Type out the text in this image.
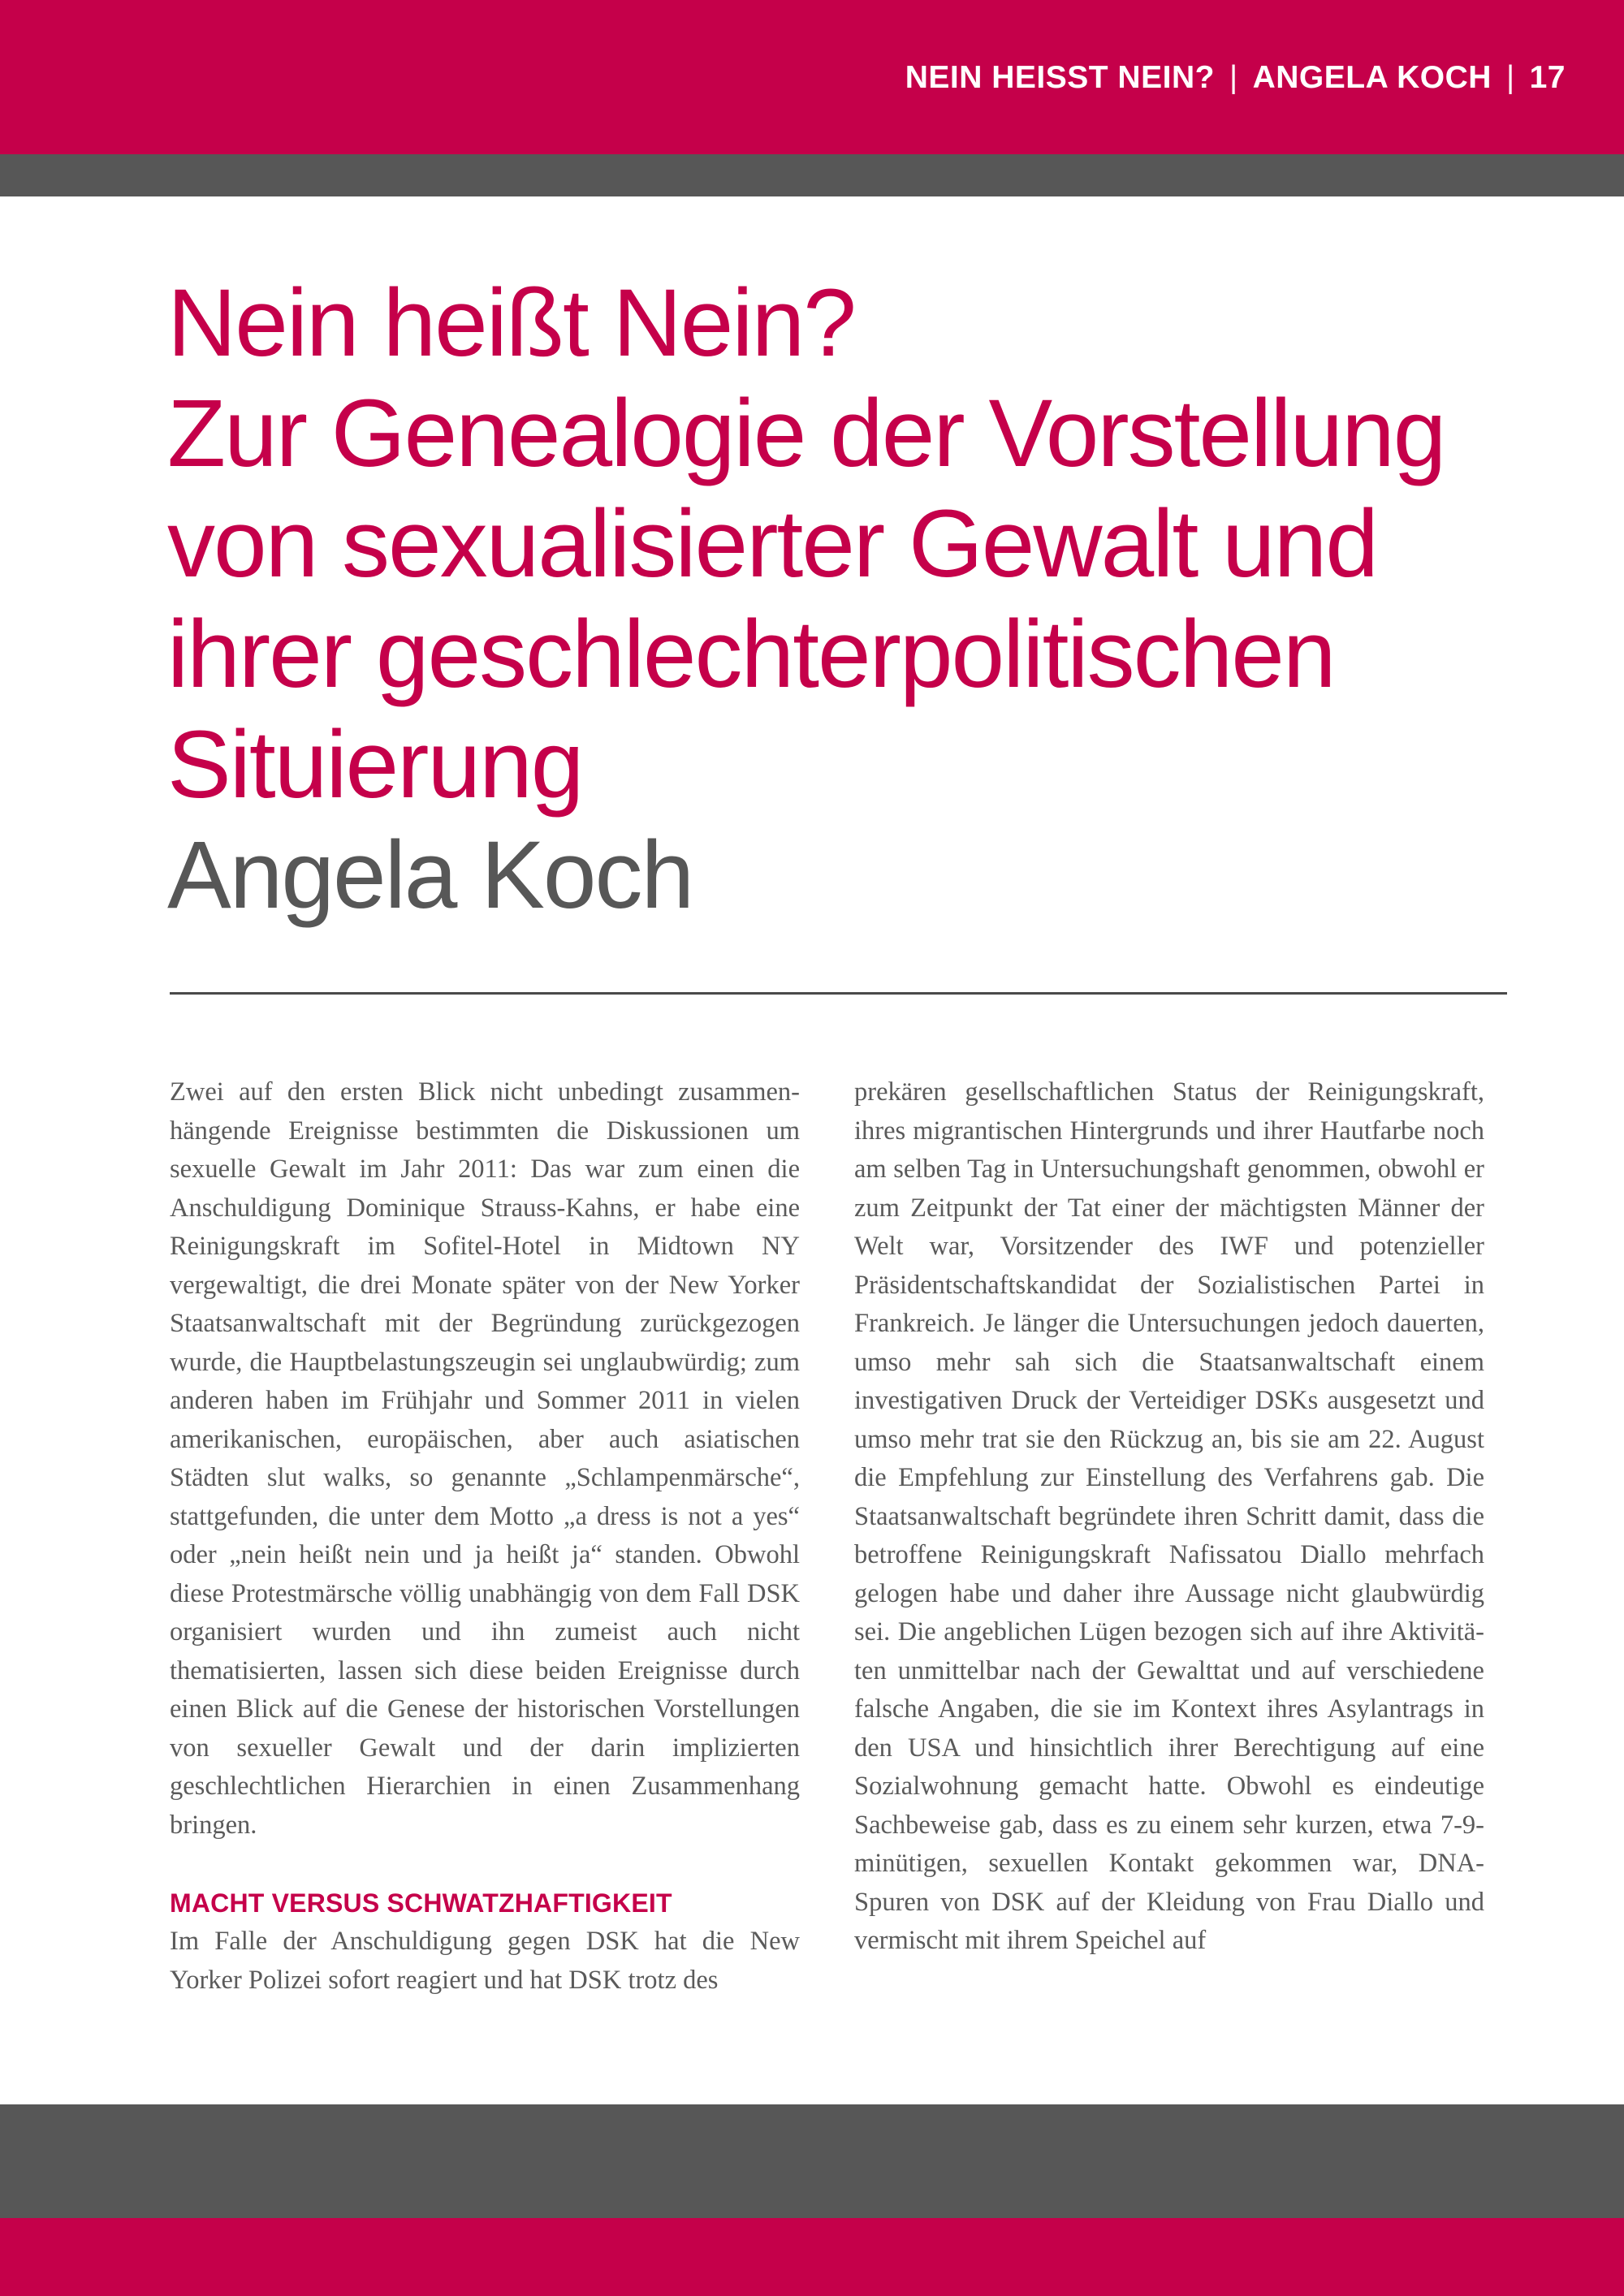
NEIN HEISST NEIN? | ANGELA KOCH | 17
Nein heißt Nein?
Zur Genealogie der Vorstellung
von sexualisierter Gewalt und
ihrer geschlechterpolitischen
Situierung
Angela Koch

Zwei auf den ersten Blick nicht unbedingt zusammenhängende Ereignisse bestimmten die Diskussionen um sexuelle Gewalt im Jahr 2011: Das war zum einen die Anschuldigung Dominique Strauss-Kahns, er habe eine Reinigungskraft im Sofitel-Hotel in Midtown NY vergewaltigt, die drei Monate später von der New Yorker Staatsanwaltschaft mit der Begründung zurückgezogen wurde, die Hauptbelastungszeugin sei unglaubwürdig; zum anderen haben im Frühjahr und Sommer 2011 in vielen amerikanischen, europäischen, aber auch asiatischen Städten slut walks, so genannte „Schlampenmärsche“, stattgefunden, die unter dem Motto „a dress is not a yes“ oder „nein heißt nein und ja heißt ja“ standen. Obwohl diese Protestmärsche völlig unabhängig von dem Fall DSK organisiert wurden und ihn zumeist auch nicht thematisierten, lassen sich diese beiden Ereignisse durch einen Blick auf die Genese der historischen Vorstellungen von sexueller Gewalt und der darin implizierten geschlechtlichen Hierarchien in einen Zusammenhang bringen.

MACHT VERSUS SCHWATZHAFTIGKEIT

Im Falle der Anschuldigung gegen DSK hat die New Yorker Polizei sofort reagiert und hat DSK trotz des

prekären gesellschaftlichen Status der Reinigungskraft, ihres migrantischen Hintergrunds und ihrer Hautfarbe noch am selben Tag in Untersuchungshaft genommen, obwohl er zum Zeitpunkt der Tat einer der mächtigsten Männer der Welt war, Vorsitzender des IWF und potenzieller Präsidentschaftskandidat der Sozialistischen Partei in Frankreich. Je länger die Untersuchungen jedoch dauerten, umso mehr sah sich die Staatsanwaltschaft einem investigativen Druck der Verteidiger DSKs ausgesetzt und umso mehr trat sie den Rückzug an, bis sie am 22. August die Empfehlung zur Einstellung des Verfahrens gab. Die Staatsanwaltschaft begründete ihren Schritt damit, dass die betroffene Reinigungskraft Nafissatou Diallo mehrfach gelogen habe und daher ihre Aussage nicht glaubwürdig sei. Die angeblichen Lügen bezogen sich auf ihre Aktivitäten unmittelbar nach der Gewalttat und auf verschiedene falsche Angaben, die sie im Kontext ihres Asylantrags in den USA und hinsichtlich ihrer Berechtigung auf eine Sozialwohnung gemacht hatte. Obwohl es eindeutige Sachbeweise gab, dass es zu einem sehr kurzen, etwa 7-9-minütigen, sexuellen Kontakt gekommen war, DNA-Spuren von DSK auf der Kleidung von Frau Diallo und vermischt mit ihrem Speichel auf
